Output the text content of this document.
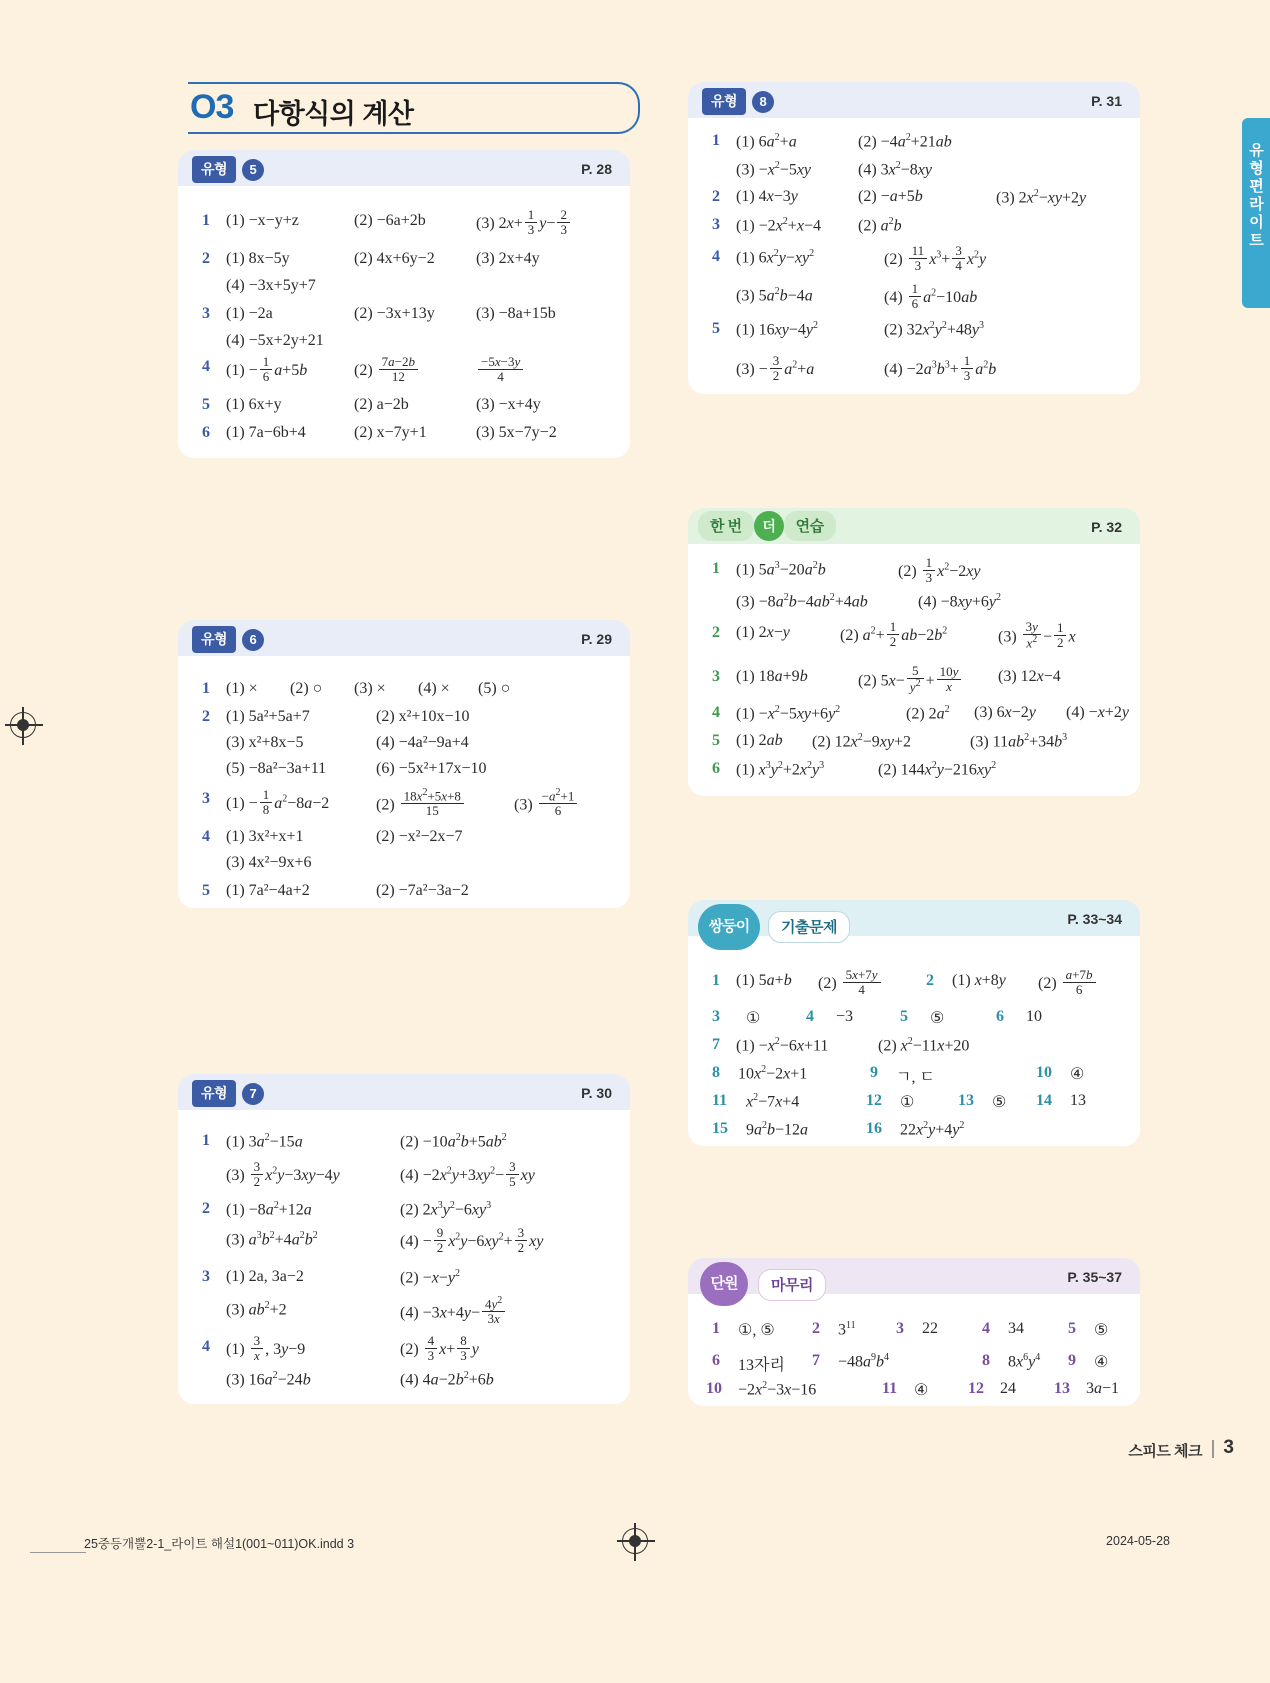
유형편 라이트
O3 다항식의 계산
유형	5	P. 28
1	(1) −x−y+z	(2) −6a+2b	(3) $2x+ \frac{1}{3} y- \frac{2}{3}$
2	(1) 8x−5y	(2) 4x+6y−2	(3) 2x+4y
(4) −3x+5y+7
3	(1) −2a	(2) −3x+13y	(3) −8a+15b
(4) −5x+2y+21
4	$(1) - \frac{1}{6} a+5b$	$(2) \frac{7a-2b}{12}$	$\frac{-5x-3y}{4}$
5	(1) 6x+y	(2) a−2b	(3) −x+4y
6	(1) 7a−6b+4	(2) x−7y+1	(3) 5x−7y−2
유형	6	P. 29
1	(1) × (2) ○ (3) × (4) × (5) ○
2	(1) 5a²+5a+7	(2) x²+10x−10
(3) x²+8x−5	(4) −4a²−9a+4
(5) −8a²−3a+11	(6) −5x²+17x−10
3	$(1) - \frac{1}{8} a^2-8a-2$	$(2) \frac{18x^2+5x+8}{15}$	$(3) \frac{-a^2+1}{6}$
4	(1) 3x²+x+1	(2) −x²−2x−7
(3) 4x²−9x+6
5	(1) 7a²−4a+2	(2) −7a²−3a−2
유형	7	P. 30
1	(1) $3a^2-15a$	$(2) -10a^2b+5ab^2$
$(3) \frac{3}{2} x^2y-3xy-4y$	$(4) -2x^2y+3xy^2- \frac{3}{5}$ xy
2	$(1) -8a^2+12a$	(2) $2x^3y^2-6xy^3$
(3) $a^3b^2+4a^2b^2$	$(4) - \frac{9}{2} x^2y-6xy^2+ \frac{3}{2}$ xy
3	(1) 2a, 3a−2	$(2) -x-y^2$
(3) $ab^2+2$	$(4) -3x+4y- \frac{4y^2}{3x}$
4	$(1) \frac{3}{x}$ , 3y−9	$(2) \frac{4}{3} x+ \frac{8}{3}$ y
(3) $16a^2-24b$	(4) $4a-2b^2+6b$
유형	8	P. 31
1	(1) $6a^2+a$	$(2) -4a^2+21ab$
$(3) -x^2-5xy$	(4) $3x^2-8xy$
2	(1) 4x−3y	(2) −a+5b	(3) $2x^2-xy+2y$
3	$(1) -2x^2+x-4$ (2) $a^2b$
4	(1) $6x^2y-xy^2$	$(2) \frac{11}{3} x^3+ \frac{3}{4} x^2y$
(3) $5a^2b-4a$	$(4) \frac{1}{6} a^2-10ab$
5	(1) $16xy-4y^2$	(2) $32x^2y^2+48y^3$
$(3) - \frac{3}{2} a^2+a$	$(4) -2a^3b^3+ \frac{1}{3} a^2b$
한 번	더	연습	P. 32
1	(1) $5a^3-20a^2b$	$(2) \frac{1}{3} x^2-2xy$
$(3) -8a^2b-4ab^2+4ab$	$(4) -8xy+6y^2$
2	(1) 2x−y	(2) $a^2+ \frac{1}{2} ab-2b^2$	$(3) \frac{3y}{x^2} - \frac{1}{2}$ x
3	(1) 18a+9b	(2) $5x- \frac{5}{y^2} + \frac{10y}{x} (3)$ 12x−4
4	$(1) -x^2-5xy+6y^2$	(2) $2a^2$ (3) 6x−2y (4) −x+2y
5	(1) 2ab (2) $12x^2-9xy+2$	(3) $11ab^2+34b^3$
6	(1) $x^3y^2+2x^2y^3$	(2) $144x^2y-216xy^2$
쌍둥이	기출문제	P. 33~34
1	(1) 5a+b $(2) \frac{5x+7y}{4}$	2	(1) x+8y $(2) \frac{a+7b}{6}$
3	①	4	−3	5	⑤	6	10
7	$(1) -x^2-6x+11$	(2) $x^2-11x+20$
8	$10x^2-2x+1$	9	ㄱ, ㄷ	10	④
11	$x^2-7x+4$	12	①	13	⑤ 14	13
15	$9a^2b-12a$	16	$22x^2y+4y^2$
단원	마무리	P. 35~37
1	①, ⑤ 2	$3^{11}$	3	22	4	34	5	⑤
6	13자리 7	$-48a^9b^4$	8	$8x^6y^4$ 9	④
10	$-2x^2-3x-16$	11	④ 12	24 13	3a−1
스피드 체크 3
25중등개뿔2-1_라이트 해설1(001~011)OK.indd 3	2024-05-28
